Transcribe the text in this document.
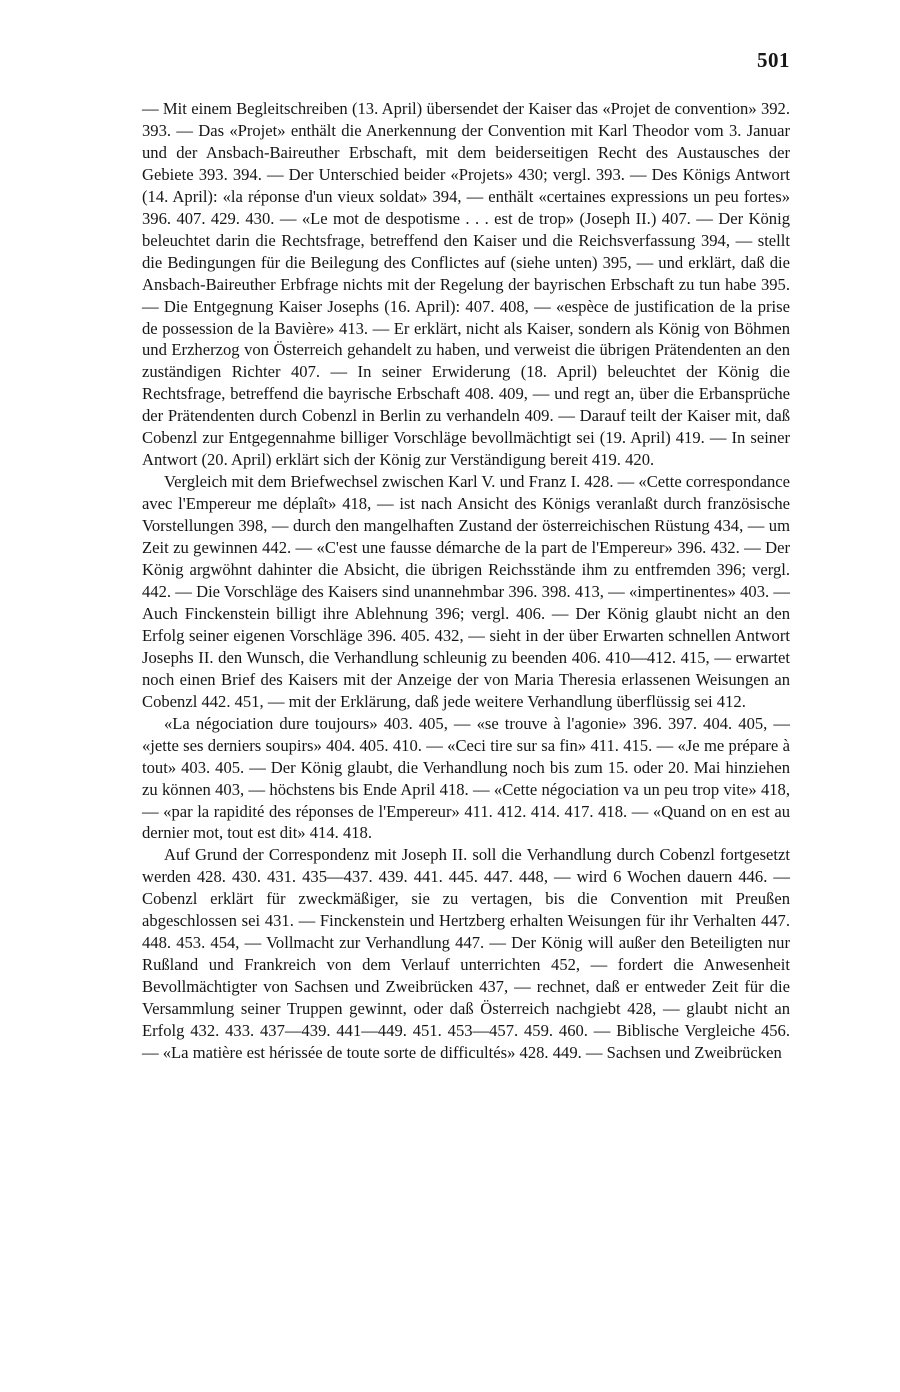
501

— Mit einem Begleitschreiben (13. April) übersendet der Kaiser das «Projet de convention» 392. 393. — Das «Projet» enthält die Anerkennung der Convention mit Karl Theodor vom 3. Januar und der Ansbach-Baireuther Erbschaft, mit dem beiderseitigen Recht des Austausches der Gebiete 393. 394. — Der Unterschied beider «Projets» 430; vergl. 393. — Des Königs Antwort (14. April): «la réponse d'un vieux soldat» 394, — enthält «certaines expressions un peu fortes» 396. 407. 429. 430. — «Le mot de despotisme . . . est de trop» (Joseph II.) 407. — Der König beleuchtet darin die Rechtsfrage, betreffend den Kaiser und die Reichsverfassung 394, — stellt die Bedingungen für die Beilegung des Conflictes auf (siehe unten) 395, — und erklärt, daß die Ansbach-Baireuther Erbfrage nichts mit der Regelung der bayrischen Erbschaft zu tun habe 395. — Die Entgegnung Kaiser Josephs (16. April): 407. 408, — «espèce de justification de la prise de possession de la Bavière» 413. — Er erklärt, nicht als Kaiser, sondern als König von Böhmen und Erzherzog von Österreich gehandelt zu haben, und verweist die übrigen Prätendenten an den zuständigen Richter 407. — In seiner Erwiderung (18. April) beleuchtet der König die Rechtsfrage, betreffend die bayrische Erbschaft 408. 409, — und regt an, über die Erbansprüche der Prätendenten durch Cobenzl in Berlin zu verhandeln 409. — Darauf teilt der Kaiser mit, daß Cobenzl zur Entgegennahme billiger Vorschläge bevollmächtigt sei (19. April) 419. — In seiner Antwort (20. April) erklärt sich der König zur Verständigung bereit 419. 420.

Vergleich mit dem Briefwechsel zwischen Karl V. und Franz I. 428. — «Cette correspondance avec l'Empereur me déplaît» 418, — ist nach Ansicht des Königs veranlaßt durch französische Vorstellungen 398, — durch den mangelhaften Zustand der österreichischen Rüstung 434, — um Zeit zu gewinnen 442. — «C'est une fausse démarche de la part de l'Empereur» 396. 432. — Der König argwöhnt dahinter die Absicht, die übrigen Reichsstände ihm zu entfremden 396; vergl. 442. — Die Vorschläge des Kaisers sind unannehmbar 396. 398. 413, — «impertinentes» 403. — Auch Finckenstein billigt ihre Ablehnung 396; vergl. 406. — Der König glaubt nicht an den Erfolg seiner eigenen Vorschläge 396. 405. 432, — sieht in der über Erwarten schnellen Antwort Josephs II. den Wunsch, die Verhandlung schleunig zu beenden 406. 410—412. 415, — erwartet noch einen Brief des Kaisers mit der Anzeige der von Maria Theresia erlassenen Weisungen an Cobenzl 442. 451, — mit der Erklärung, daß jede weitere Verhandlung überflüssig sei 412.

«La négociation dure toujours» 403. 405, — «se trouve à l'agonie» 396. 397. 404. 405, — «jette ses derniers soupirs» 404. 405. 410. — «Ceci tire sur sa fin» 411. 415. — «Je me prépare à tout» 403. 405. — Der König glaubt, die Verhandlung noch bis zum 15. oder 20. Mai hinziehen zu können 403, — höchstens bis Ende April 418. — «Cette négociation va un peu trop vite» 418, — «par la rapidité des réponses de l'Empereur» 411. 412. 414. 417. 418. — «Quand on en est au dernier mot, tout est dit» 414. 418.

Auf Grund der Correspondenz mit Joseph II. soll die Verhandlung durch Cobenzl fortgesetzt werden 428. 430. 431. 435—437. 439. 441. 445. 447. 448, — wird 6 Wochen dauern 446. — Cobenzl erklärt für zweckmäßiger, sie zu vertagen, bis die Convention mit Preußen abgeschlossen sei 431. — Finckenstein und Hertzberg erhalten Weisungen für ihr Verhalten 447. 448. 453. 454, — Vollmacht zur Verhandlung 447. — Der König will außer den Beteiligten nur Rußland und Frankreich von dem Verlauf unterrichten 452, — fordert die Anwesenheit Bevollmächtigter von Sachsen und Zweibrücken 437, — rechnet, daß er entweder Zeit für die Versammlung seiner Truppen gewinnt, oder daß Österreich nachgiebt 428, — glaubt nicht an Erfolg 432. 433. 437—439. 441—449. 451. 453—457. 459. 460. — Biblische Vergleiche 456. — «La matière est hérissée de toute sorte de difficultés» 428. 449. — Sachsen und Zweibrücken
